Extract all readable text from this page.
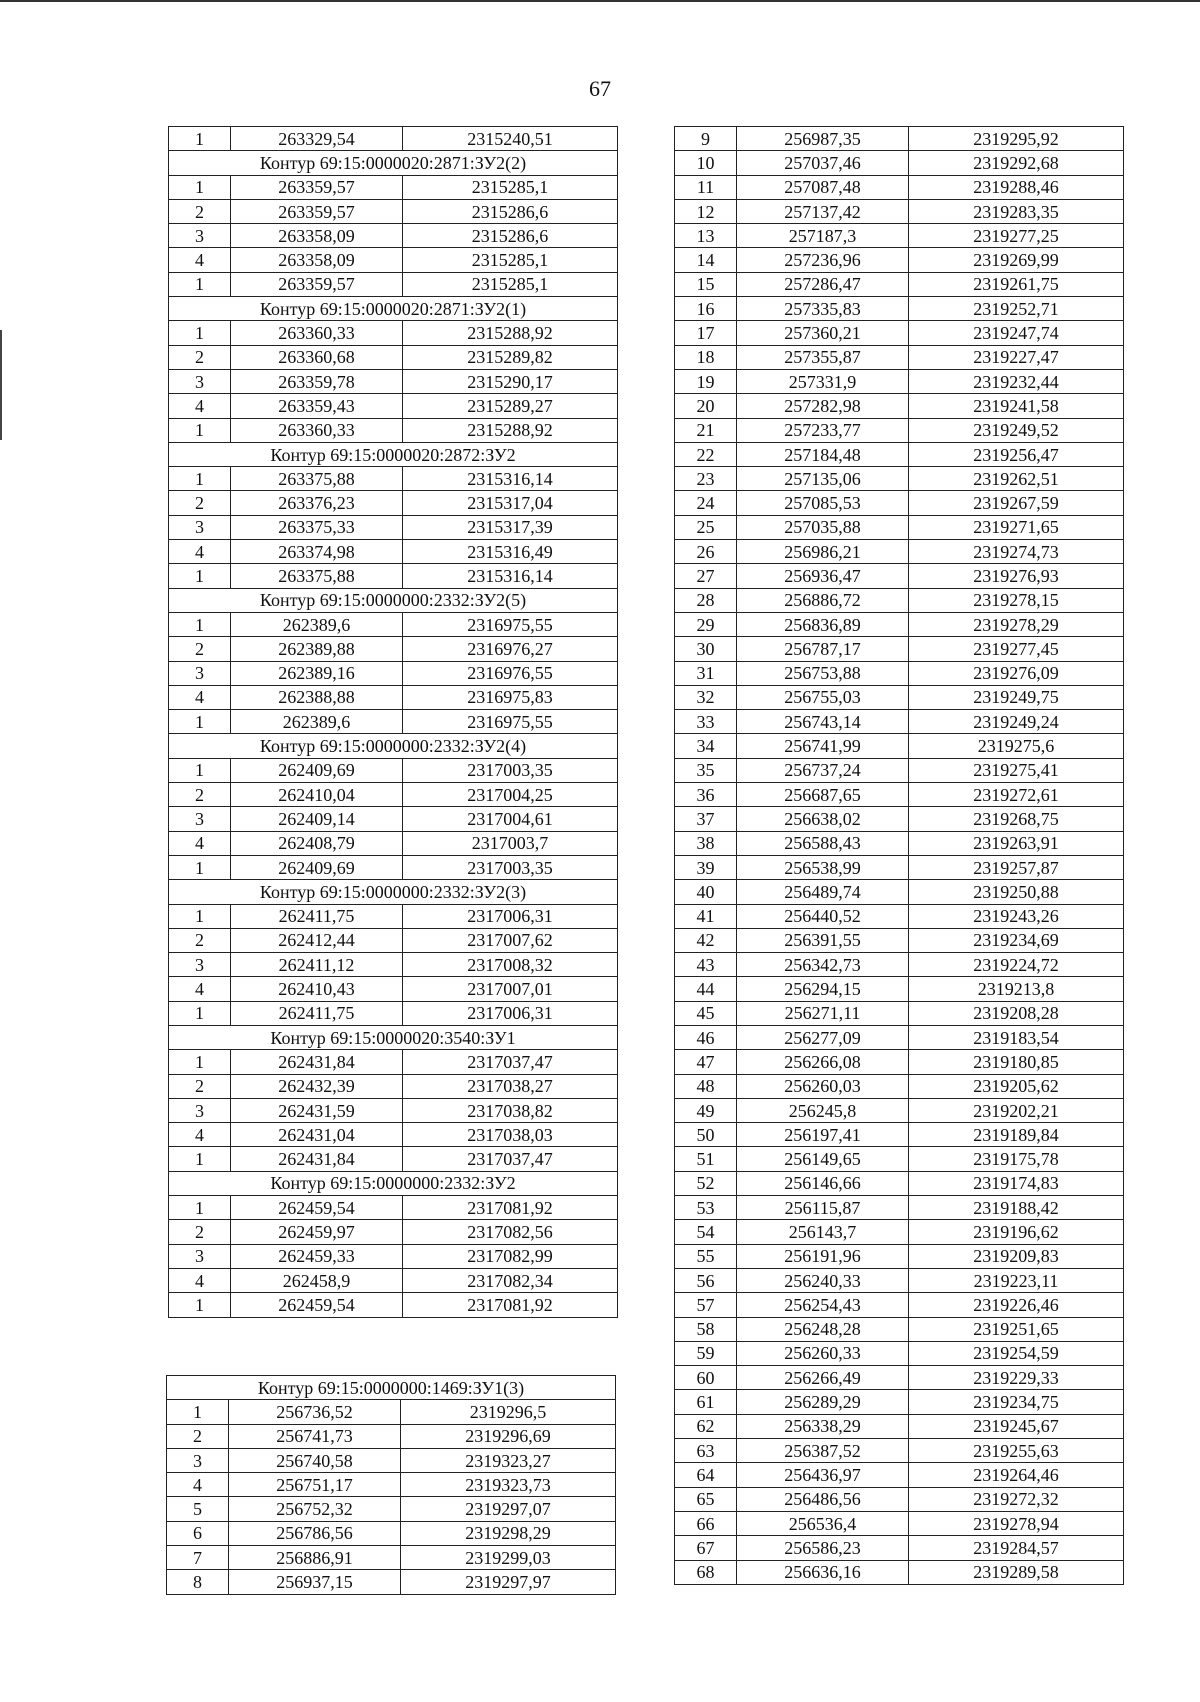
67
1	263329,54	2315240,51
Контур 69:15:0000020:2871:ЗУ2(2)		
1	263359,57	2315285,1
2	263359,57	2315286,6
3	263358,09	2315286,6
4	263358,09	2315285,1
1	263359,57	2315285,1
Контур 69:15:0000020:2871:ЗУ2(1)		
1	263360,33	2315288,92
2	263360,68	2315289,82
3	263359,78	2315290,17
4	263359,43	2315289,27
1	263360,33	2315288,92
Контур 69:15:0000020:2872:ЗУ2		
1	263375,88	2315316,14
2	263376,23	2315317,04
3	263375,33	2315317,39
4	263374,98	2315316,49
1	263375,88	2315316,14
Контур 69:15:0000000:2332:ЗУ2(5)		
1	262389,6	2316975,55
2	262389,88	2316976,27
3	262389,16	2316976,55
4	262388,88	2316975,83
1	262389,6	2316975,55
Контур 69:15:0000000:2332:ЗУ2(4)		
1	262409,69	2317003,35
2	262410,04	2317004,25
3	262409,14	2317004,61
4	262408,79	2317003,7
1	262409,69	2317003,35
Контур 69:15:0000000:2332:ЗУ2(3)		
1	262411,75	2317006,31
2	262412,44	2317007,62
3	262411,12	2317008,32
4	262410,43	2317007,01
1	262411,75	2317006,31
Контур 69:15:0000020:3540:ЗУ1		
1	262431,84	2317037,47
2	262432,39	2317038,27
3	262431,59	2317038,82
4	262431,04	2317038,03
1	262431,84	2317037,47
Контур 69:15:0000000:2332:ЗУ2		
1	262459,54	2317081,92
2	262459,97	2317082,56
3	262459,33	2317082,99
4	262458,9	2317082,34
1	262459,54	2317081,92
Контур 69:15:0000000:1469:ЗУ1(3)		
1	256736,52	2319296,5
2	256741,73	2319296,69
3	256740,58	2319323,27
4	256751,17	2319323,73
5	256752,32	2319297,07
6	256786,56	2319298,29
7	256886,91	2319299,03
8	256937,15	2319297,97
9	256987,35	2319295,92
10	257037,46	2319292,68
11	257087,48	2319288,46
12	257137,42	2319283,35
13	257187,3	2319277,25
14	257236,96	2319269,99
15	257286,47	2319261,75
16	257335,83	2319252,71
17	257360,21	2319247,74
18	257355,87	2319227,47
19	257331,9	2319232,44
20	257282,98	2319241,58
21	257233,77	2319249,52
22	257184,48	2319256,47
23	257135,06	2319262,51
24	257085,53	2319267,59
25	257035,88	2319271,65
26	256986,21	2319274,73
27	256936,47	2319276,93
28	256886,72	2319278,15
29	256836,89	2319278,29
30	256787,17	2319277,45
31	256753,88	2319276,09
32	256755,03	2319249,75
33	256743,14	2319249,24
34	256741,99	2319275,6
35	256737,24	2319275,41
36	256687,65	2319272,61
37	256638,02	2319268,75
38	256588,43	2319263,91
39	256538,99	2319257,87
40	256489,74	2319250,88
41	256440,52	2319243,26
42	256391,55	2319234,69
43	256342,73	2319224,72
44	256294,15	2319213,8
45	256271,11	2319208,28
46	256277,09	2319183,54
47	256266,08	2319180,85
48	256260,03	2319205,62
49	256245,8	2319202,21
50	256197,41	2319189,84
51	256149,65	2319175,78
52	256146,66	2319174,83
53	256115,87	2319188,42
54	256143,7	2319196,62
55	256191,96	2319209,83
56	256240,33	2319223,11
57	256254,43	2319226,46
58	256248,28	2319251,65
59	256260,33	2319254,59
60	256266,49	2319229,33
61	256289,29	2319234,75
62	256338,29	2319245,67
63	256387,52	2319255,63
64	256436,97	2319264,46
65	256486,56	2319272,32
66	256536,4	2319278,94
67	256586,23	2319284,57
68	256636,16	2319289,58
